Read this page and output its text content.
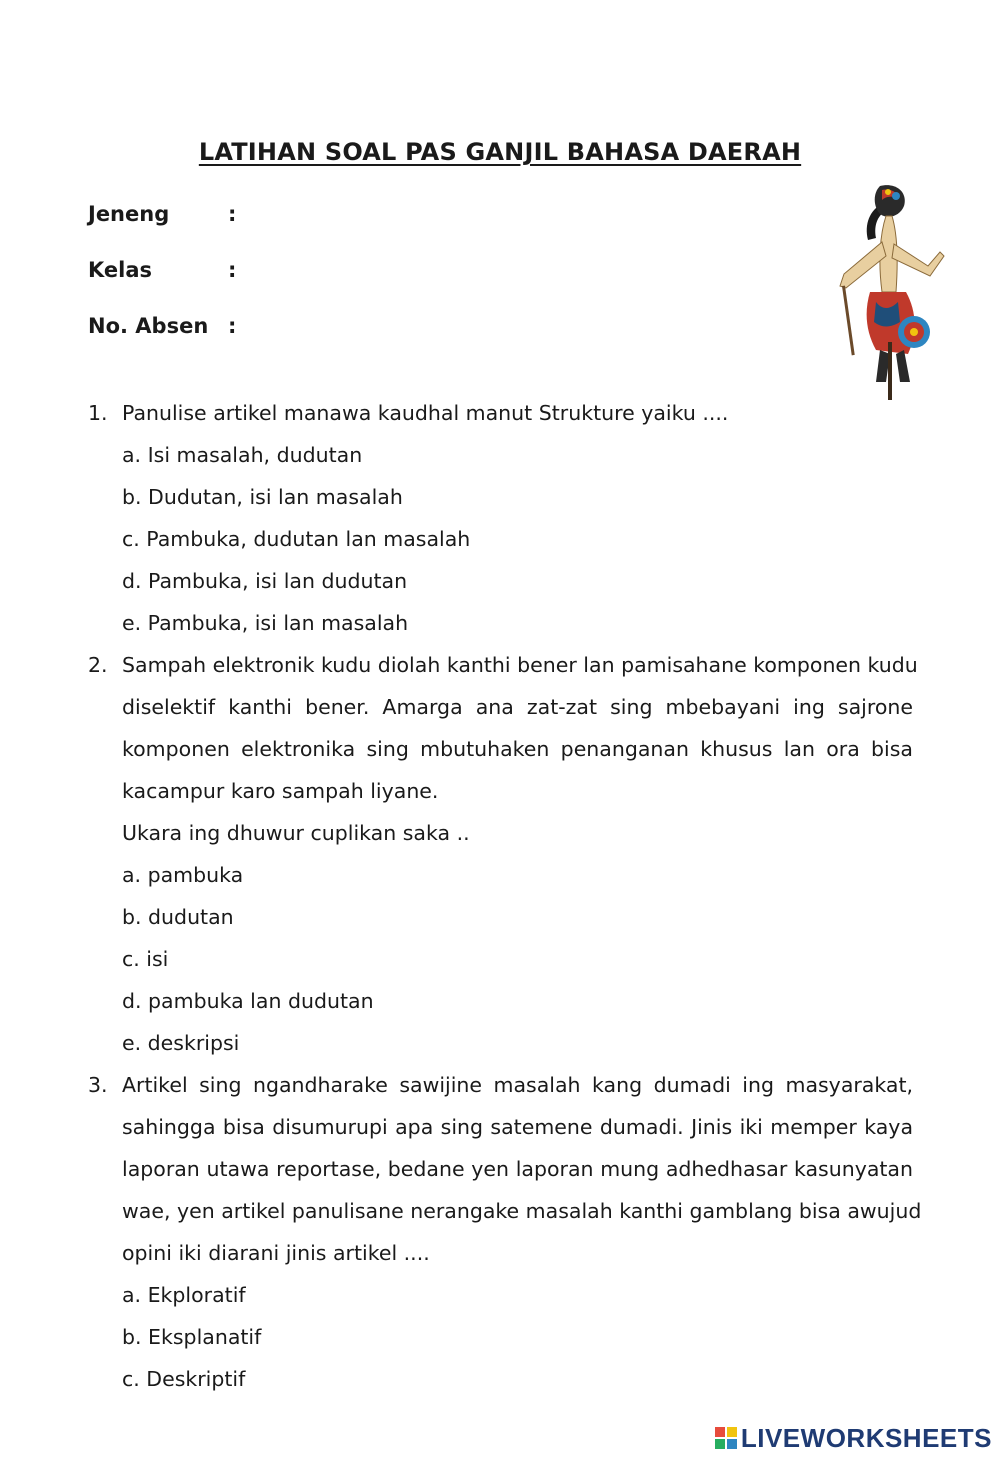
LATIHAN SOAL PAS GANJIL BAHASA DAERAH
Jeneng	:
Kelas	:
No. Absen :
1. Panulise artikel manawa kaudhal manut Strukture yaiku ....
a. Isi masalah, dudutan
b. Dudutan, isi lan masalah
c. Pambuka, dudutan lan masalah
d. Pambuka, isi lan dudutan
e. Pambuka, isi lan masalah
2. Sampah elektronik kudu diolah kanthi bener lan pamisahane komponen kudu
diselektif kanthi bener. Amarga ana zat-zat sing mbebayani ing sajrone
komponen elektronika sing mbutuhaken penanganan khusus lan ora bisa
kacampur karo sampah liyane.
Ukara ing dhuwur cuplikan saka ..
a. pambuka
b. dudutan
c. isi
d. pambuka lan dudutan
e. deskripsi
3. Artikel sing ngandharake sawijine masalah kang dumadi ing masyarakat,
sahingga bisa disumurupi apa sing satemene dumadi. Jinis iki memper kaya
laporan utawa reportase, bedane yen laporan mung adhedhasar kasunyatan
wae, yen artikel panulisane nerangake masalah kanthi gamblang bisa awujud
opini iki diarani jinis artikel ....
a. Ekploratif
b. Eksplanatif
c. Deskriptif
LIVEWORKSHEETS
